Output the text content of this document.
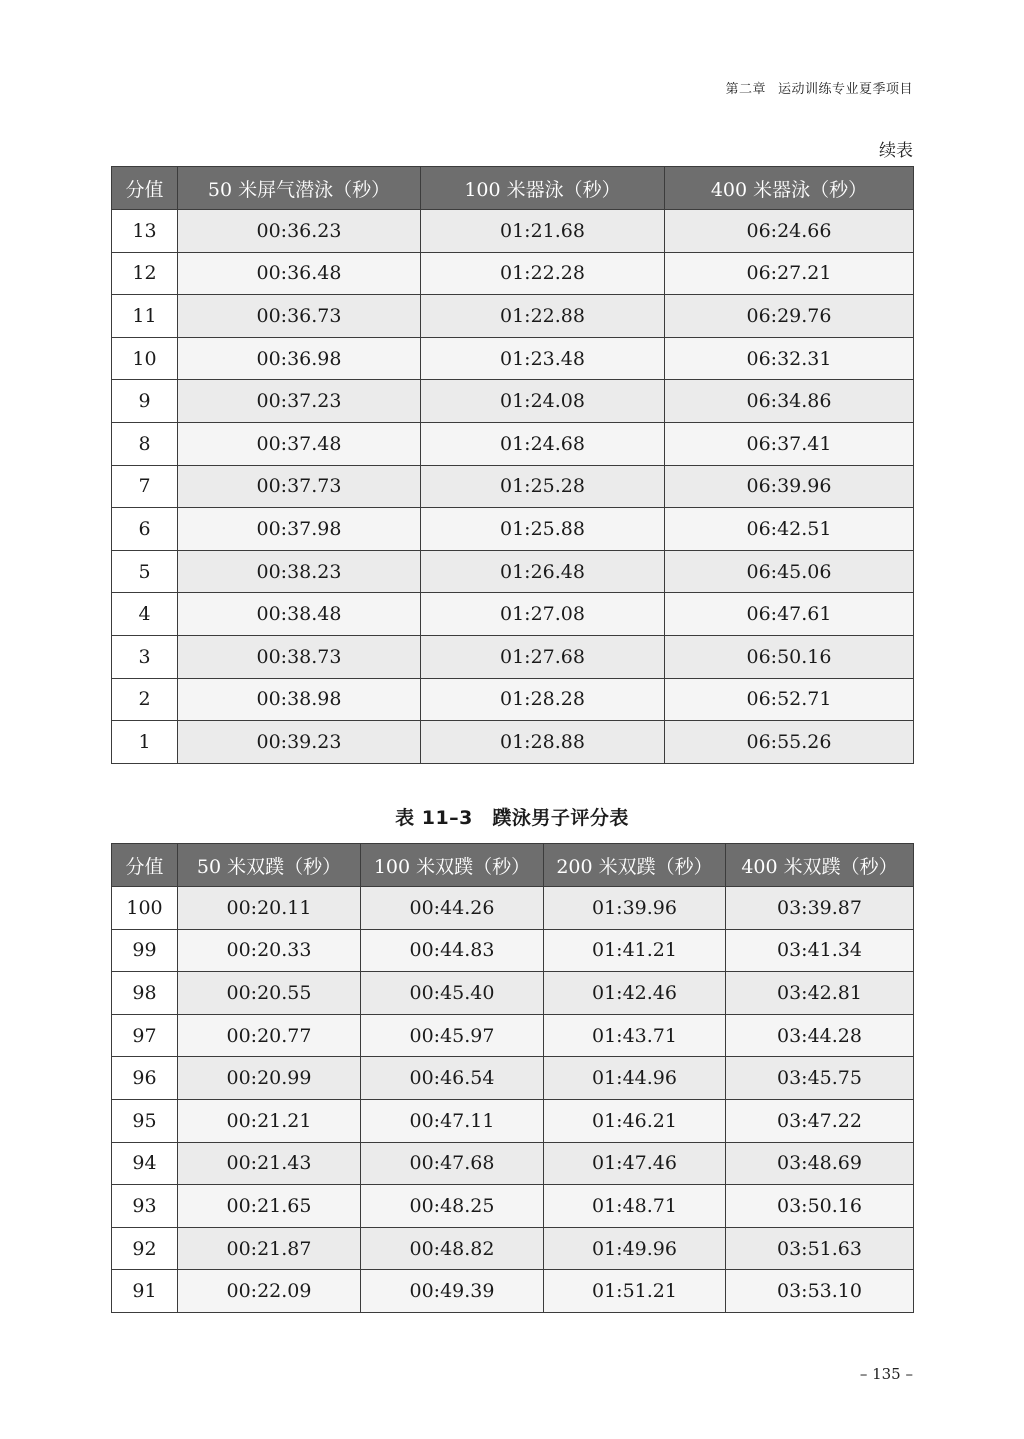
第二章 运动训练专业夏季项目
续表
分值	50 米屏气潜泳（秒）	100 米器泳（秒）	400 米器泳（秒）
13	00:36.23	01:21.68	06:24.66
12	00:36.48	01:22.28	06:27.21
11	00:36.73	01:22.88	06:29.76
10	00:36.98	01:23.48	06:32.31
9	00:37.23	01:24.08	06:34.86
8	00:37.48	01:24.68	06:37.41
7	00:37.73	01:25.28	06:39.96
6	00:37.98	01:25.88	06:42.51
5	00:38.23	01:26.48	06:45.06
4	00:38.48	01:27.08	06:47.61
3	00:38.73	01:27.68	06:50.16
2	00:38.98	01:28.28	06:52.71
1	00:39.23	01:28.88	06:55.26
表 11–3　蹼泳男子评分表
分值	50 米双蹼（秒）	100 米双蹼（秒）	200 米双蹼（秒）	400 米双蹼（秒）
100	00:20.11	00:44.26	01:39.96	03:39.87
99	00:20.33	00:44.83	01:41.21	03:41.34
98	00:20.55	00:45.40	01:42.46	03:42.81
97	00:20.77	00:45.97	01:43.71	03:44.28
96	00:20.99	00:46.54	01:44.96	03:45.75
95	00:21.21	00:47.11	01:46.21	03:47.22
94	00:21.43	00:47.68	01:47.46	03:48.69
93	00:21.65	00:48.25	01:48.71	03:50.16
92	00:21.87	00:48.82	01:49.96	03:51.63
91	00:22.09	00:49.39	01:51.21	03:53.10
– 135 –
